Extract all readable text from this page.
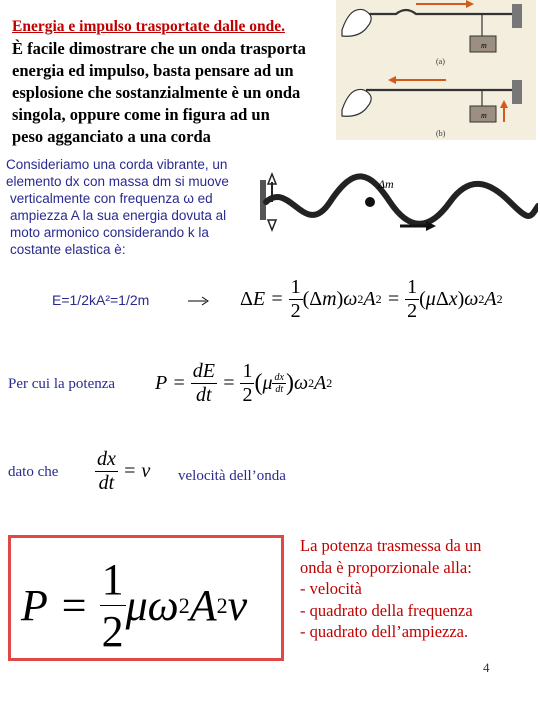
Energia e impulso trasportate dalle onde.
È facile dimostrare che un onda trasporta
energia ed impulso, basta pensare ad un
esplosione che sostanzialmente è un onda
singola, oppure come in figura ad un
peso agganciato a una corda
m
(a)
m
(b)
Consideriamo una corda vibrante, un
elemento dx con massa dm si muove
verticalmente con frequenza ω ed
ampiezza A la sua energia dovuta al
moto armonico considerando k la
costante elastica è:
Δm
E=1/2kA²=1/2m	Δ $E = \frac{1}{2} (\Delta$ m ) ω 2 A $2 = \frac{1}{2}$ ( μ Δ x ) ω 2 A 2
Per cui la potenza $P = \frac{dE}{dt} = \frac{1}{2}$ ( μ $\frac{dx}{dt}$ ) ω 2 A 2
dato che $\frac{dx}{dt} = v$ velocità dell’onda
$P = \frac{1}{2}$ μω 2 A 2 v
La potenza trasmessa da un
onda è proporzionale alla:
- velocità
- quadrato della frequenza
- quadrato dell’ampiezza.
4
